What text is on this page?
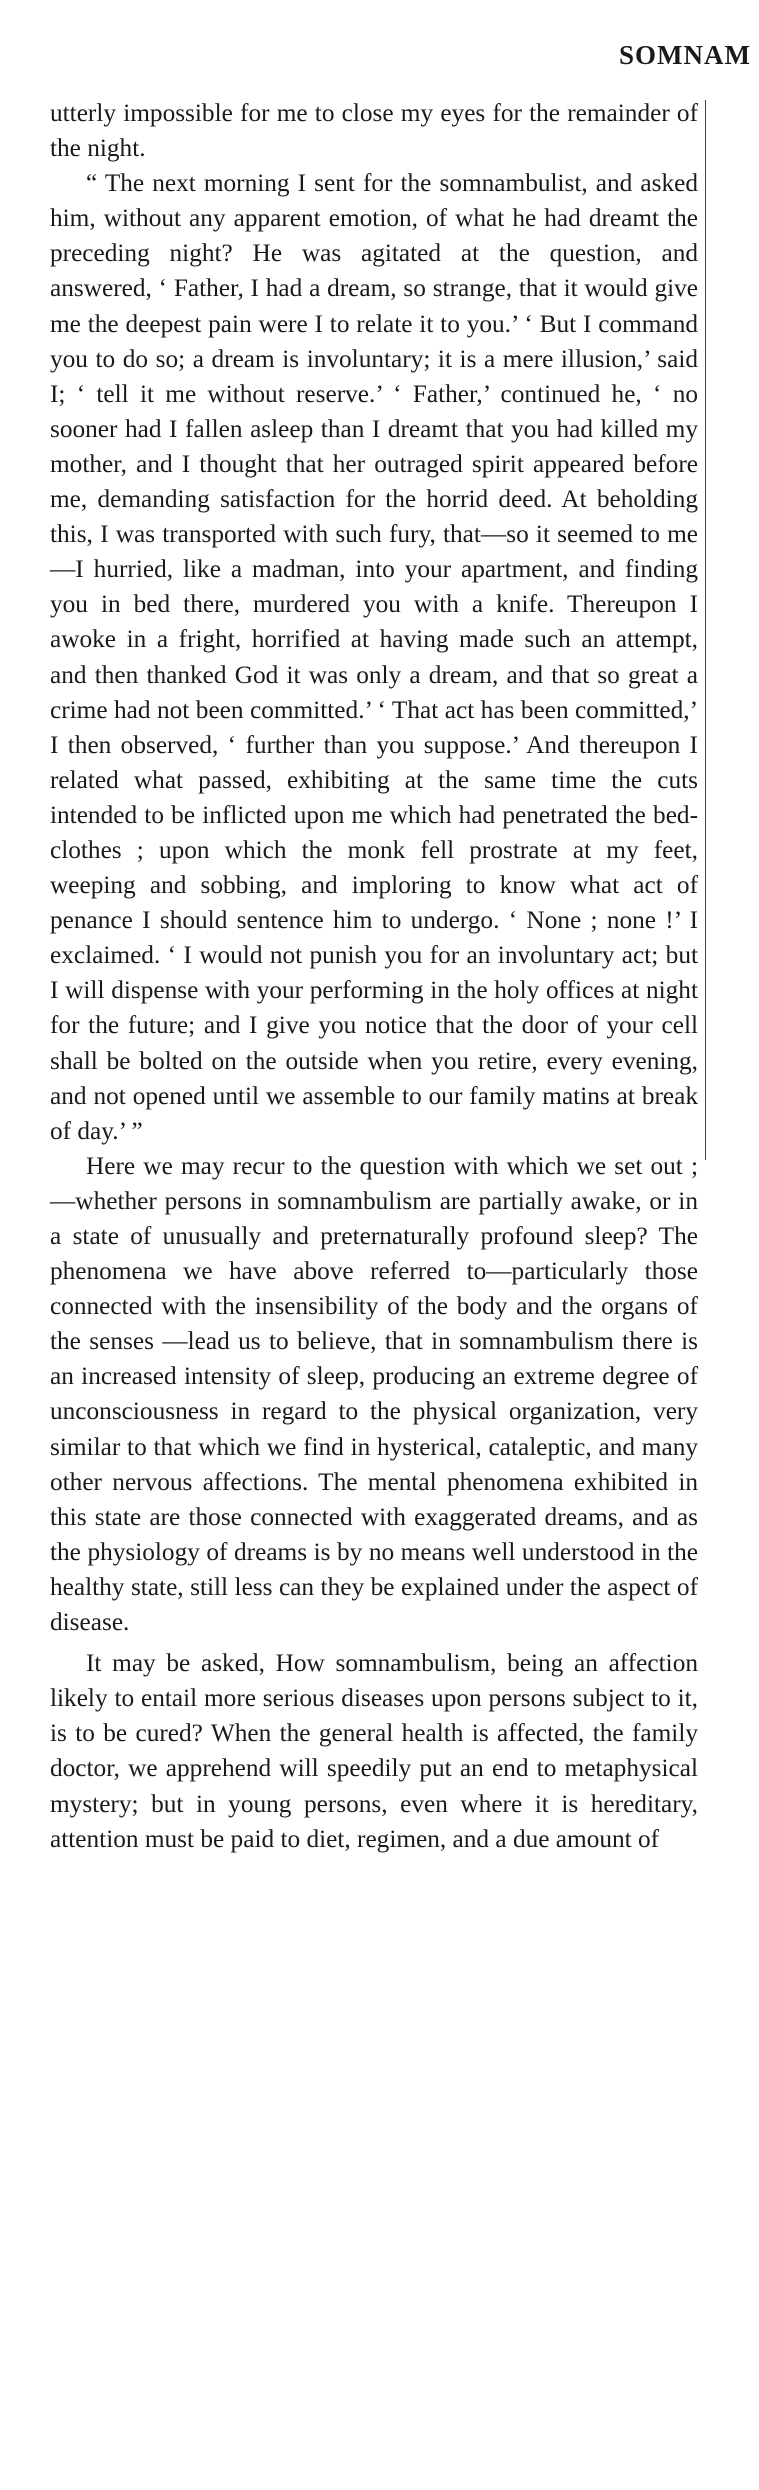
SOMNAM

utterly impossible for me to close my eyes for the remainder of the night.

“ The next morning I sent for the somnambulist, and asked him, without any apparent emotion, of what he had dreamt the preceding night? He was agitated at the question, and answered, ‘ Father, I had a dream, so strange, that it would give me the deepest pain were I to relate it to you.’ ‘ But I command you to do so; a dream is involuntary; it is a mere illusion,’ said I; ‘ tell it me without reserve.’ ‘ Father,’ continued he, ‘ no sooner had I fallen asleep than I dreamt that you had killed my mother, and I thought that her outraged spirit appeared before me, demanding satisfaction for the horrid deed. At beholding this, I was transported with such fury, that—so it seemed to me—I hurried, like a madman, into your apartment, and finding you in bed there, murdered you with a knife. Thereupon I awoke in a fright, horrified at having made such an attempt, and then thanked God it was only a dream, and that so great a crime had not been committed.’ ‘ That act has been committed,’ I then observed, ‘ further than you suppose.’ And thereupon I related what passed, exhibiting at the same time the cuts intended to be inflicted upon me which had penetrated the bed-clothes ; upon which the monk fell prostrate at my feet, weeping and sobbing, and imploring to know what act of penance I should sentence him to undergo. ‘ None ; none !’ I exclaimed. ‘ I would not punish you for an involuntary act; but I will dispense with your performing in the holy offices at night for the future; and I give you notice that the door of your cell shall be bolted on the outside when you retire, every evening, and not opened until we assemble to our family matins at break of day.’ ”

Here we may recur to the question with which we set out ;—whether persons in somnambulism are partially awake, or in a state of unusually and preternaturally profound sleep? The phenomena we have above referred to—particularly those connected with the insensibility of the body and the organs of the senses —lead us to believe, that in somnambulism there is an increased intensity of sleep, producing an extreme degree of unconsciousness in regard to the physical organization, very similar to that which we find in hysterical, cataleptic, and many other nervous affections. The mental phenomena exhibited in this state are those connected with exaggerated dreams, and as the physiology of dreams is by no means well understood in the healthy state, still less can they be explained under the aspect of disease.

It may be asked, How somnambulism, being an affection likely to entail more serious diseases upon persons subject to it, is to be cured? When the general health is affected, the family doctor, we apprehend will speedily put an end to metaphysical mystery; but in young persons, even where it is hereditary, attention must be paid to diet, regimen, and a due amount of
